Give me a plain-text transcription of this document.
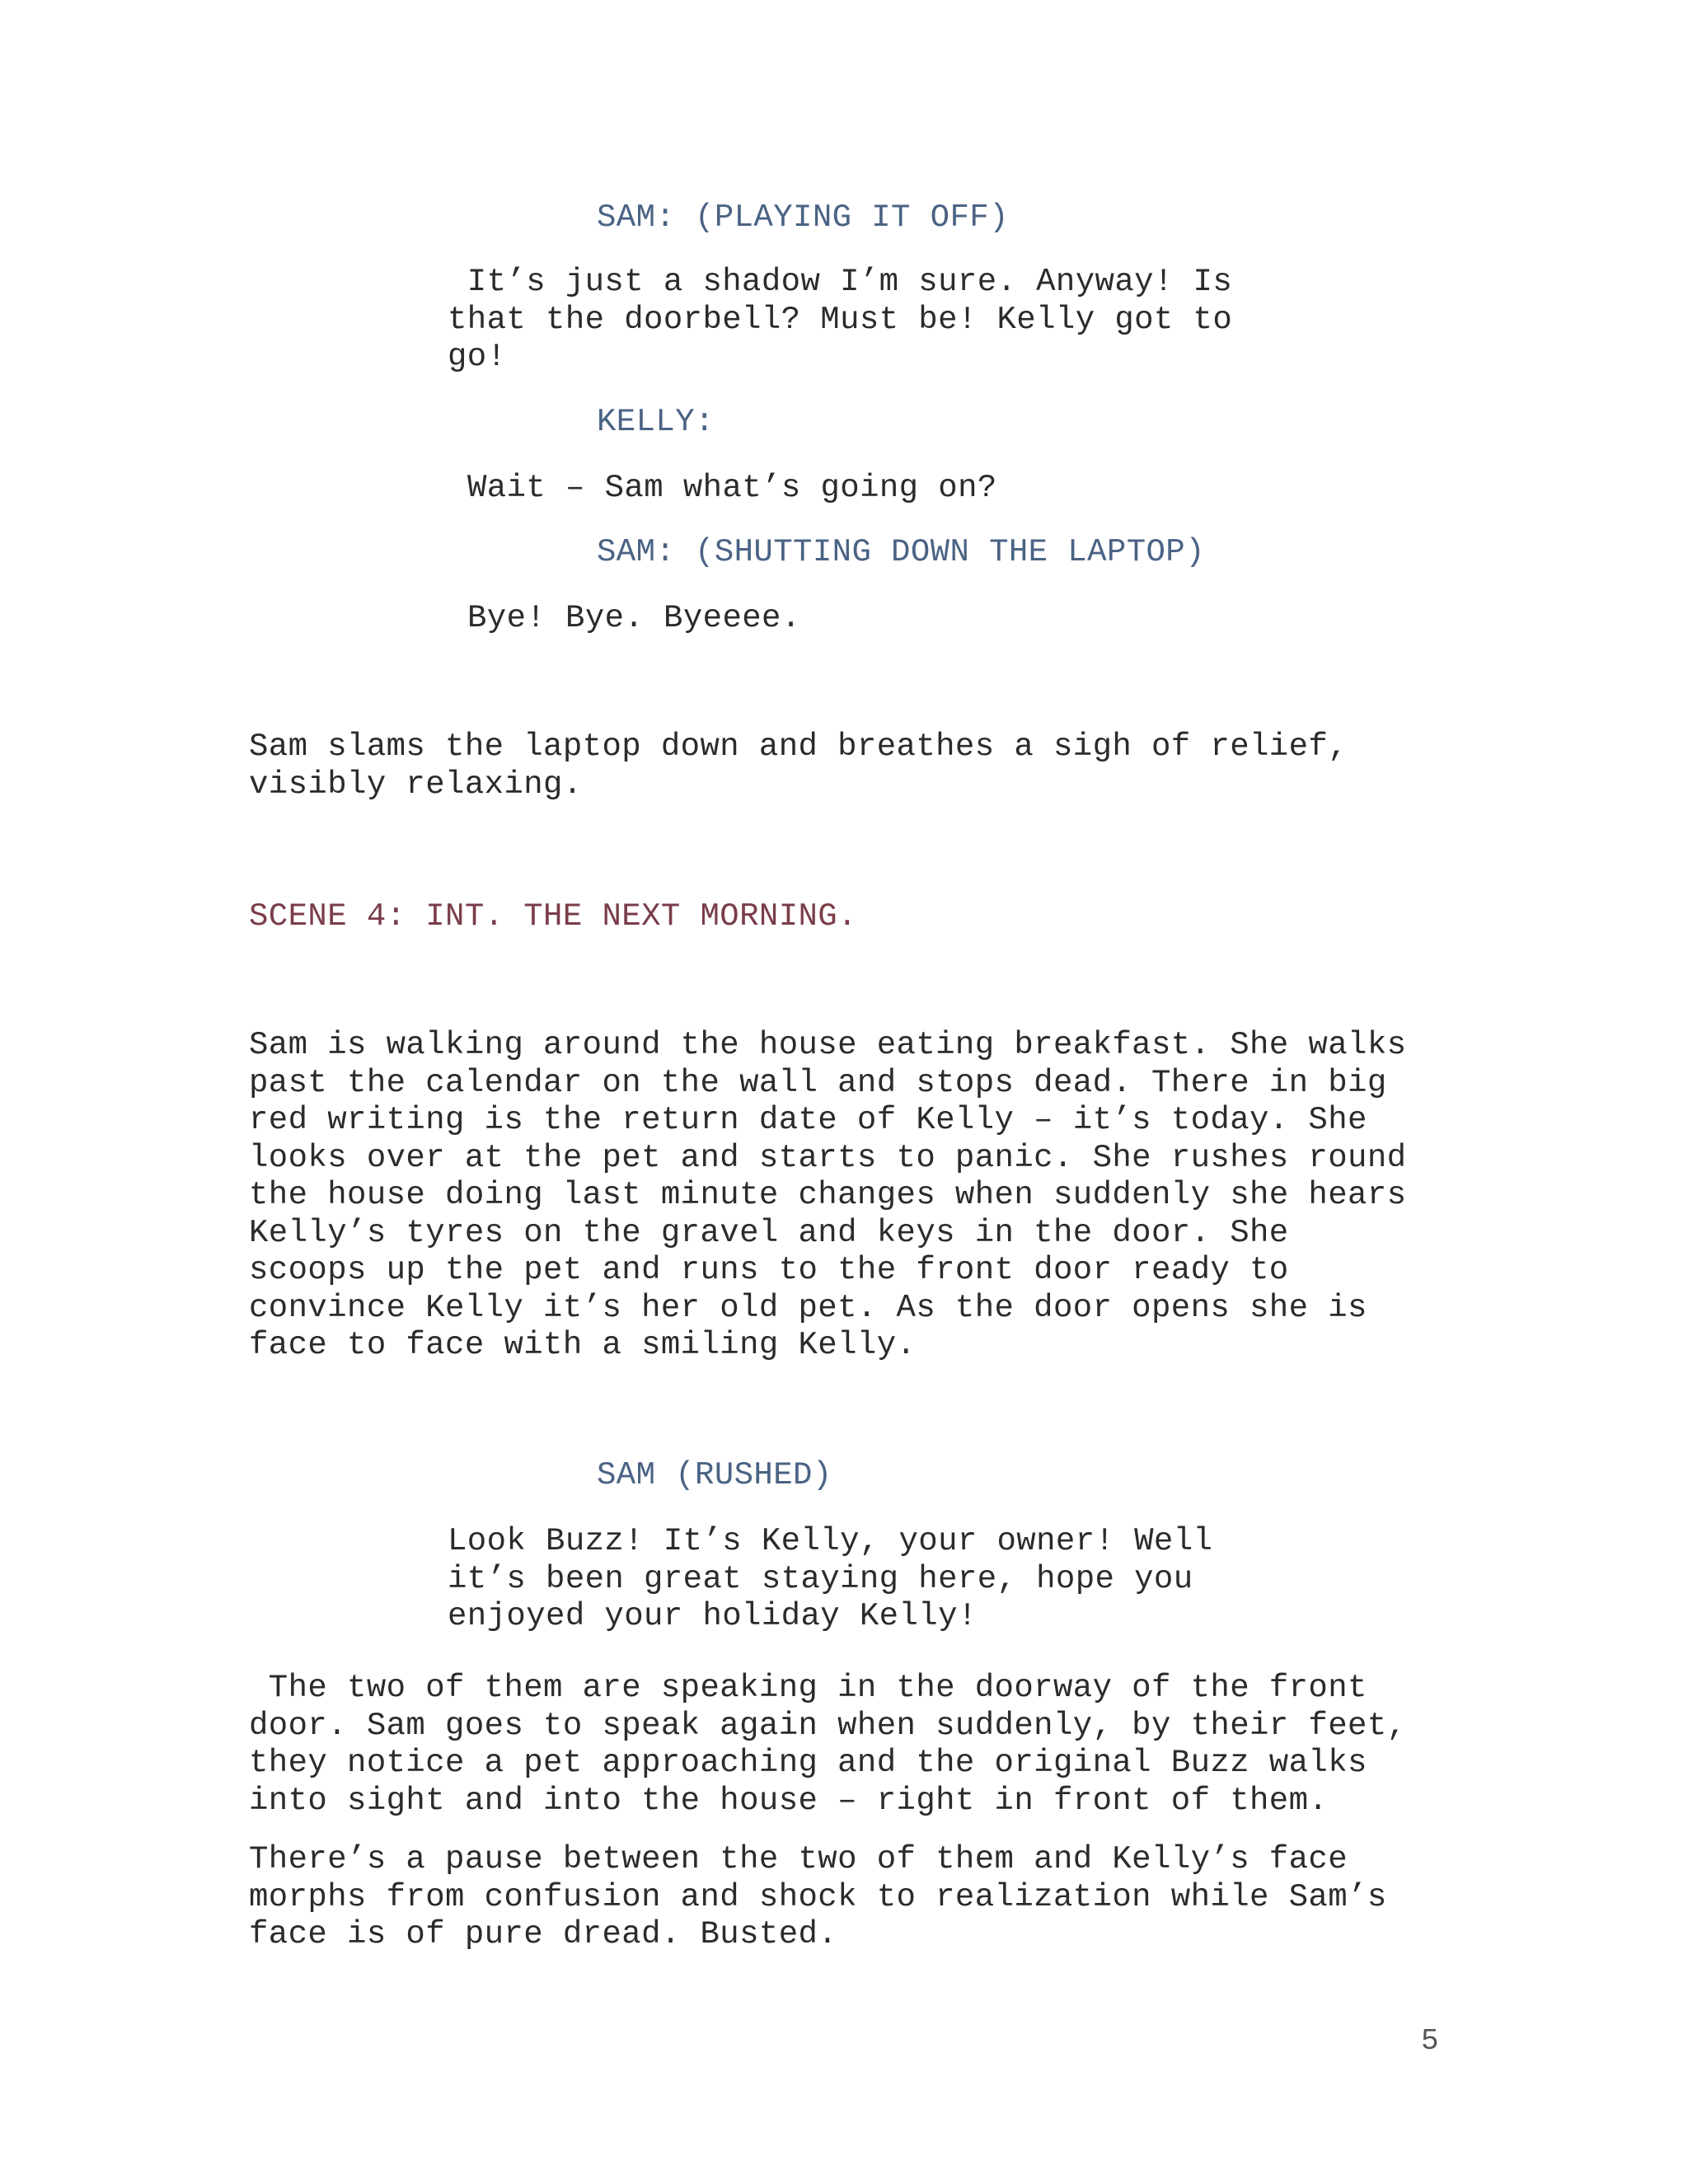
SAM: (PLAYING IT OFF)

It’s just a shadow I’m sure. Anyway! Is
that the doorbell? Must be! Kelly got to
go!

KELLY:

Wait – Sam what’s going on?

SAM: (SHUTTING DOWN THE LAPTOP)

Bye! Bye. Byeeee.

Sam slams the laptop down and breathes a sigh of relief,
visibly relaxing.

SCENE 4: INT. THE NEXT MORNING.

Sam is walking around the house eating breakfast. She walks
past the calendar on the wall and stops dead. There in big
red writing is the return date of Kelly – it’s today. She
looks over at the pet and starts to panic. She rushes round
the house doing last minute changes when suddenly she hears
Kelly’s tyres on the gravel and keys in the door. She
scoops up the pet and runs to the front door ready to
convince Kelly it’s her old pet. As the door opens she is
face to face with a smiling Kelly.

SAM (RUSHED)

Look Buzz! It’s Kelly, your owner! Well
it’s been great staying here, hope you
enjoyed your holiday Kelly!

The two of them are speaking in the doorway of the front
door. Sam goes to speak again when suddenly, by their feet,
they notice a pet approaching and the original Buzz walks
into sight and into the house – right in front of them.

There’s a pause between the two of them and Kelly’s face
morphs from confusion and shock to realization while Sam’s
face is of pure dread. Busted.

5
